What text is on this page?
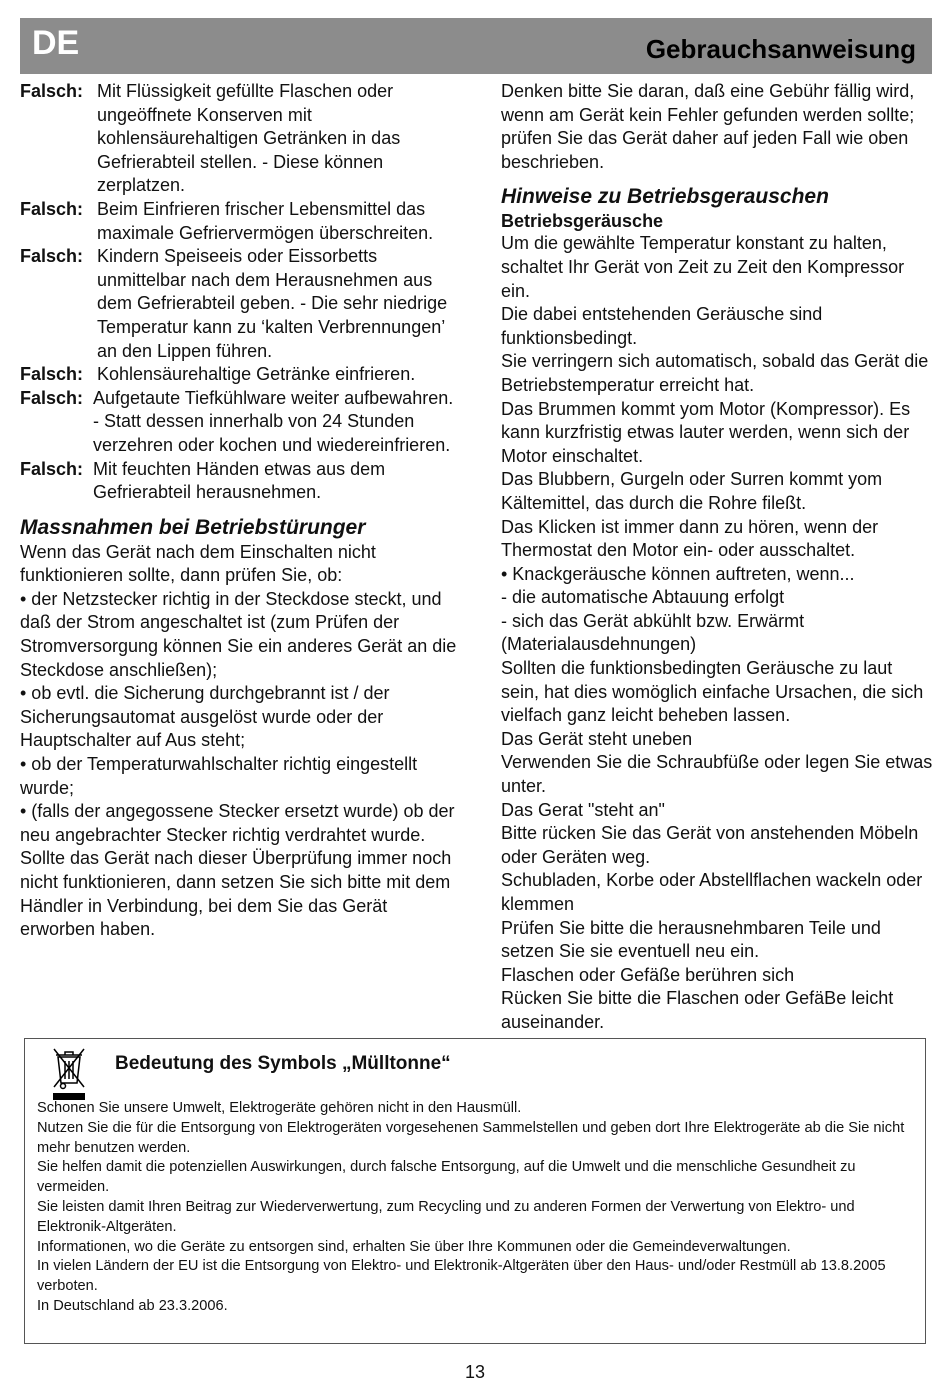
DE	Gebrauchsanweisung
Falsch: Mit Flüssigkeit gefüllte Flaschen oder ungeöffnete Konserven mit kohlensäurehaltigen Getränken in das Gefrierabteil stellen. - Diese können zerplatzen.
Falsch: Beim Einfrieren frischer Lebensmittel das maximale Gefriervermögen überschreiten.
Falsch: Kindern Speiseeis oder Eissorbetts unmittelbar nach dem Herausnehmen aus dem Gefrierabteil geben. - Die sehr niedrige Temperatur kann zu ‘kalten Verbrennungen’ an den Lippen führen.
Falsch: Kohlensäurehaltige Getränke einfrieren.
Falsch: Aufgetaute Tiefkühlware weiter aufbewahren. - Statt dessen innerhalb von 24 Stunden verzehren oder kochen und wiedereinfrieren.
Falsch: Mit feuchten Händen etwas aus dem Gefrierabteil herausnehmen.
Massnahmen bei Betriebstürunger

Wenn das Gerät nach dem Einschalten nicht funktionieren sollte, dann prüfen Sie, ob:

• der Netzstecker richtig in der Steckdose steckt, und daß der Strom angeschaltet ist (zum Prüfen der Stromversorgung können Sie ein anderes Gerät an die Steckdose anschließen);

• ob evtl. die Sicherung durchgebrannt ist / der Sicherungsautomat ausgelöst wurde oder der Hauptschalter auf Aus steht;

• ob der Temperaturwahlschalter richtig eingestellt wurde;

• (falls der angegossene Stecker ersetzt wurde) ob der neu angebrachter Stecker richtig verdrahtet wurde.

Sollte das Gerät nach dieser Überprüfung immer noch nicht funktionieren, dann setzen Sie sich bitte mit dem Händler in Verbindung, bei dem Sie das Gerät erworben haben.

Denken bitte Sie daran, daß eine Gebühr fällig wird, wenn am Gerät kein Fehler gefunden werden sollte; prüfen Sie das Gerät daher auf jeden Fall wie oben beschrieben.

Hinweise zu Betriebsgerauschen
Betriebsgeräusche

Um die gewählte Temperatur konstant zu halten, schaltet Ihr Gerät von Zeit zu Zeit den Kompressor ein.

Die dabei entstehenden Geräusche sind funktionsbedingt.

Sie verringern sich automatisch, sobald das Gerät die Betriebstemperatur erreicht hat.

Das Brummen kommt yom Motor (Kompressor). Es kann kurzfristig etwas lauter werden, wenn sich der Motor einschaltet.

Das Blubbern, Gurgeln oder Surren kommt yom Kältemittel, das durch die Rohre fileßt.

Das Klicken ist immer dann zu hören, wenn der Thermostat den Motor ein- oder ausschaltet.

• Knackgeräusche können auftreten, wenn...

- die automatische Abtauung erfolgt

- sich das Gerät abkühlt bzw. Erwärmt (Materialausdehnungen)

Sollten die funktionsbedingten Geräusche zu laut sein, hat dies womöglich einfache Ursachen, die sich vielfach ganz leicht beheben lassen.

Das Gerät steht uneben

Verwenden Sie die Schraubfüße oder legen Sie etwas unter.

Das Gerat "steht an"

Bitte rücken Sie das Gerät von anstehenden Möbeln oder Geräten weg.

Schubladen, Korbe oder Abstellflachen wackeln oder klemmen

Prüfen Sie bitte die herausnehmbaren Teile und setzen Sie sie eventuell neu ein.

Flaschen oder Gefäße berühren sich

Rücken Sie bitte die Flaschen oder GefäBe leicht auseinander.

Bedeutung des Symbols „Mülltonne“
Schonen Sie unsere Umwelt, Elektrogeräte gehören nicht in den Hausmüll.
Nutzen Sie die für die Entsorgung von Elektrogeräten vorgesehenen Sammelstellen und geben dort Ihre Elektrogeräte ab die Sie nicht mehr benutzen werden.
Sie helfen damit die potenziellen Auswirkungen, durch falsche Entsorgung, auf die Umwelt und die menschliche Gesundheit zu vermeiden.
Sie leisten damit Ihren Beitrag zur Wiederverwertung, zum Recycling und zu anderen Formen der Verwertung von Elektro- und Elektronik-Altgeräten.
Informationen, wo die Geräte zu entsorgen sind, erhalten Sie über Ihre Kommunen oder die Gemeindeverwaltungen.
In vielen Ländern der EU ist die Entsorgung von Elektro- und Elektronik-Altgeräten über den Haus- und/oder Restmüll ab 13.8.2005 verboten.
In Deutschland ab 23.3.2006.
13
